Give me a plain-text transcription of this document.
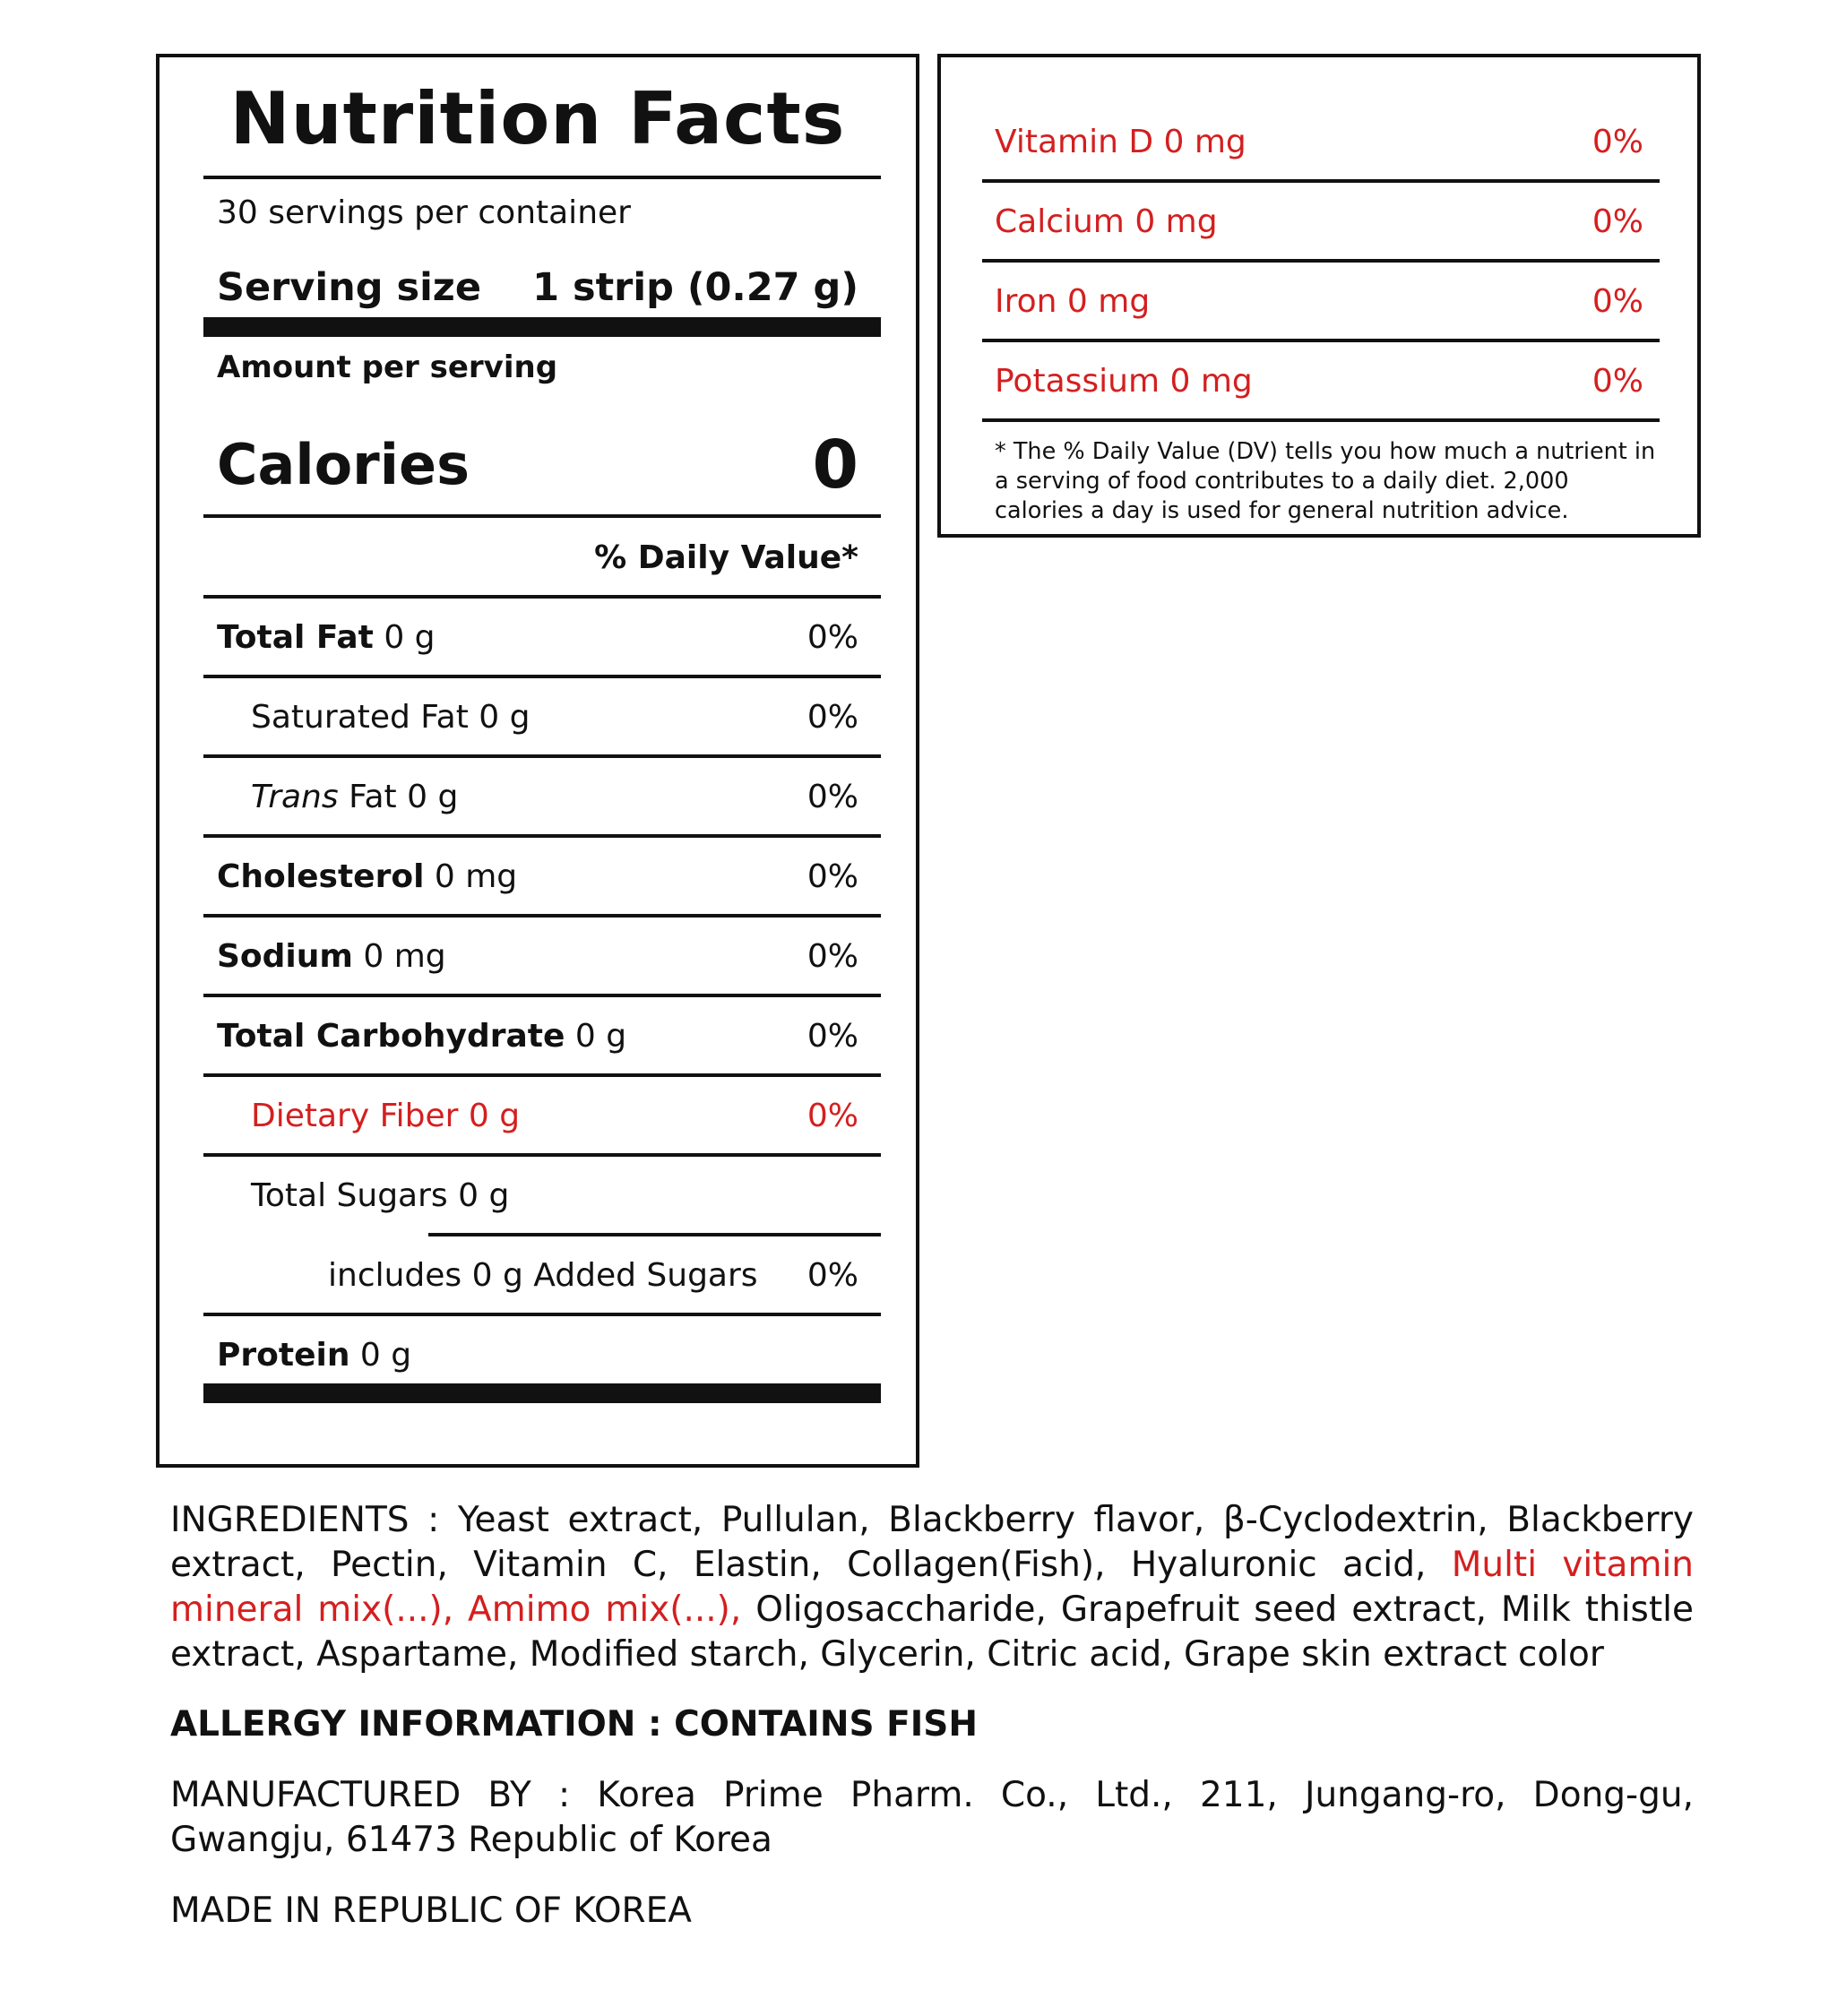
Nutrition Facts
30 servings per container
Serving size 1 strip (0.27 g)
Amount per serving
Calories	0
% Daily Value*
Total Fat 0 g	0%
Saturated Fat 0 g	0%
Trans Fat 0 g	0%
Cholesterol 0 mg	0%
Sodium 0 mg	0%
Total Carbohydrate 0 g	0%
Dietary Fiber 0 g	0%
Total Sugars 0 g
includes 0 g Added Sugars 0%
Protein 0 g
Vitamin D 0 mg	0%
Calcium 0 mg	0%
Iron 0 mg	0%
Potassium 0 mg	0%
* The % Daily Value (DV) tells you how much a nutrient in a serving of food contributes to a daily diet. 2,000 calories a day is used for general nutrition advice.
INGREDIENTS : Yeast extract, Pullulan, Blackberry flavor, β-Cyclodextrin, Blackberry extract, Pectin, Vitamin C, Elastin, Collagen(Fish), Hyaluronic acid, Multi vitamin mineral mix(...), Amimo mix(...), Oligosaccharide, Grapefruit seed extract, Milk thistle extract, Aspartame, Modified starch, Glycerin, Citric acid, Grape skin extract color
ALLERGY INFORMATION : CONTAINS FISH
MANUFACTURED BY : Korea Prime Pharm. Co., Ltd., 211, Jungang-ro, Dong-gu, Gwangju, 61473 Republic of Korea
MADE IN REPUBLIC OF KOREA
